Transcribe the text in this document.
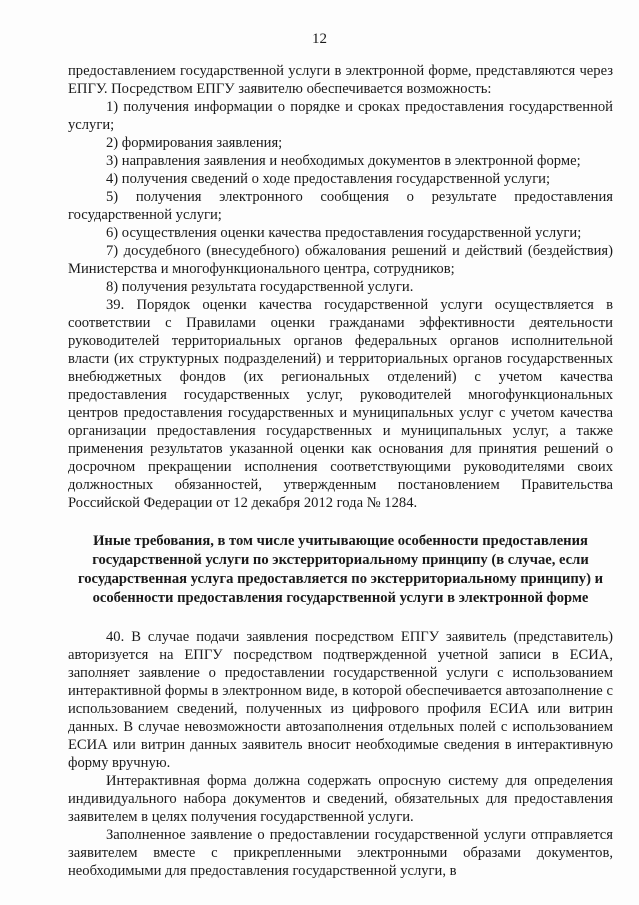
12

предоставлением государственной услуги в электронной форме, представляются через ЕПГУ. Посредством ЕПГУ заявителю обеспечивается возможность:

1) получения информации о порядке и сроках предоставления государственной услуги;

2) формирования заявления;

3) направления заявления и необходимых документов в электронной форме;

4) получения сведений о ходе предоставления государственной услуги;

5) получения электронного сообщения о результате предоставления государственной услуги;

6) осуществления оценки качества предоставления государственной услуги;

7) досудебного (внесудебного) обжалования решений и действий (бездействия) Министерства и многофункционального центра, сотрудников;

8) получения результата государственной услуги.

39. Порядок оценки качества государственной услуги осуществляется в соответствии с Правилами оценки гражданами эффективности деятельности руководителей территориальных органов федеральных органов исполнительной власти (их структурных подразделений) и территориальных органов государственных внебюджетных фондов (их региональных отделений) с учетом качества предоставления государственных услуг, руководителей многофункциональных центров предоставления государственных и муниципальных услуг с учетом качества организации предоставления государственных и муниципальных услуг, а также применения результатов указанной оценки как основания для принятия решений о досрочном прекращении исполнения соответствующими руководителями своих должностных обязанностей, утвержденным постановлением Правительства Российской Федерации от 12 декабря 2012 года № 1284.

Иные требования, в том числе учитывающие особенности предоставления государственной услуги по экстерриториальному принципу (в случае, если государственная услуга предоставляется по экстерриториальному принципу) и особенности предоставления государственной услуги в электронной форме

40. В случае подачи заявления посредством ЕПГУ заявитель (представитель) авторизуется на ЕПГУ посредством подтвержденной учетной записи в ЕСИА, заполняет заявление о предоставлении государственной услуги с использованием интерактивной формы в электронном виде, в которой обеспечивается автозаполнение с использованием сведений, полученных из цифрового профиля ЕСИА или витрин данных. В случае невозможности автозаполнения отдельных полей с использованием ЕСИА или витрин данных заявитель вносит необходимые сведения в интерактивную форму вручную.

Интерактивная форма должна содержать опросную систему для определения индивидуального набора документов и сведений, обязательных для предоставления заявителем в целях получения государственной услуги.

Заполненное заявление о предоставлении государственной услуги отправляется заявителем вместе с прикрепленными электронными образами документов, необходимыми для предоставления государственной услуги, в
